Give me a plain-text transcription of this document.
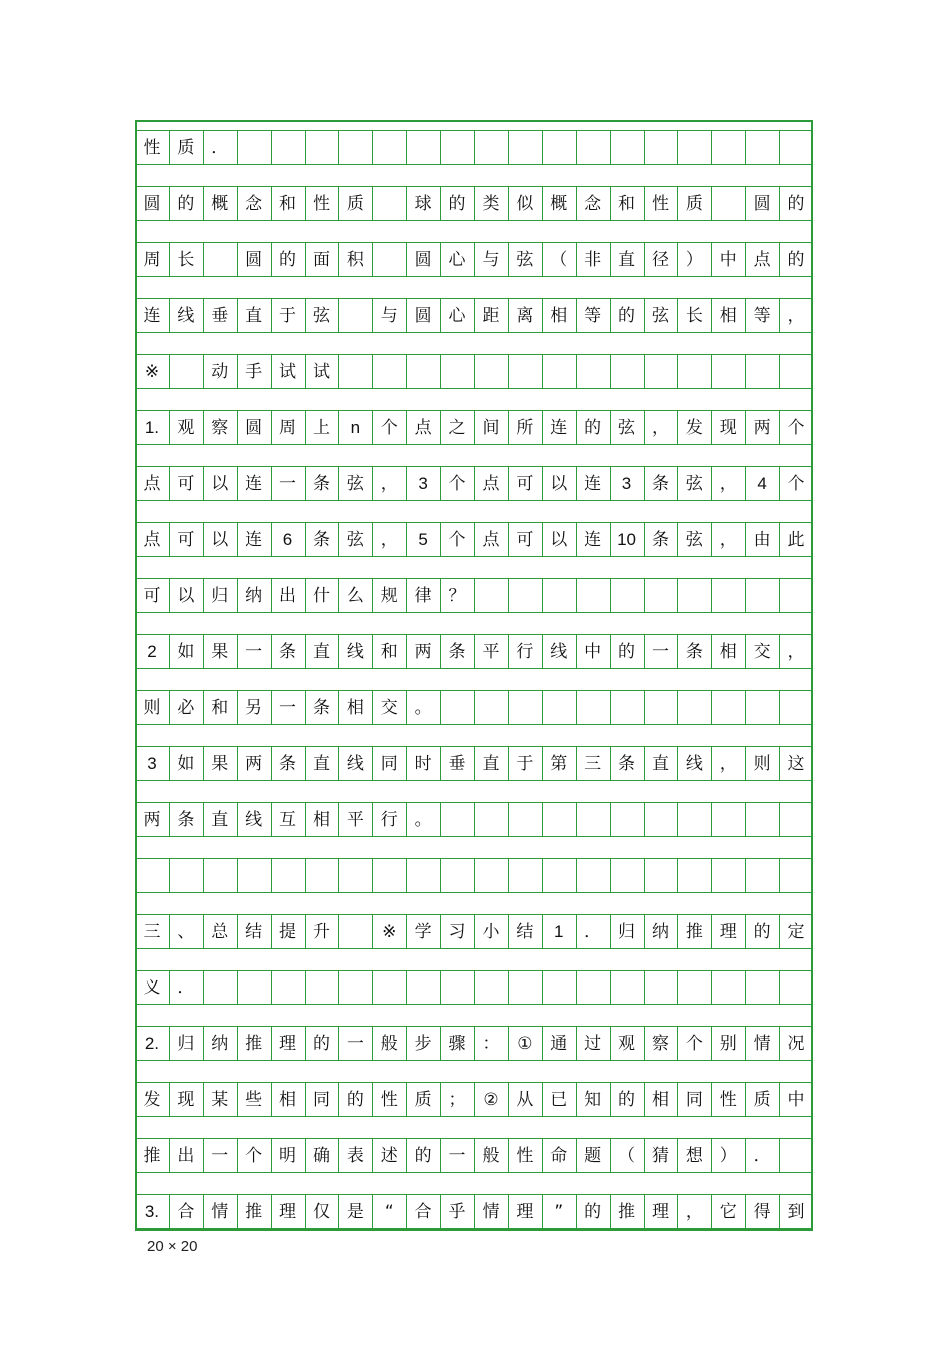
性 质 ．
圆 的 概 念 和 性 质	球 的 类 似 概 念 和 性 质	圆 的
周 长	圆 的 面 积	圆 心 与 弦 （ 非 直 径 ） 中 点 的
连 线 垂 直 于 弦	与 圆 心 距 离 相 等 的 弦 长 相 等 ，
※	动 手 试 试
1.	观 察 圆 周 上	n	个 点 之 间 所 连 的 弦 ， 发 现 两 个
点 可 以 连 一 条 弦 ，	3	个 点 可 以 连	3	条 弦 ，	4	个
点 可 以 连	6	条 弦 ，	5	个 点 可 以 连 10 条 弦 ， 由 此
可 以 归 纳 出 什 么 规 律 ？
2	如 果 一 条 直 线 和 两 条 平 行 线 中 的 一 条 相 交 ，
则 必 和 另 一 条 相 交 。
3	如 果 两 条 直 线 同 时 垂 直 于 第 三 条 直 线 ， 则 这
两 条 直 线 互 相 平 行 。
三 、 总 结 提 升	※	学 习 小 结	1	． 归 纳 推 理 的 定
义 ．
2.	归 纳 推 理 的 一 般 步 骤 ：	①	通 过 观 察 个 别 情 况
发 现 某 些 相 同 的 性 质 ；	②	从 已 知 的 相 同 性 质 中
推 出 一 个 明 确 表 述 的 一 般 性 命 题 （ 猜 想 ） ．
3.	合 情 推 理 仅 是	“	合 乎 情 理	”	的 推 理 ， 它 得 到
20 × 20
